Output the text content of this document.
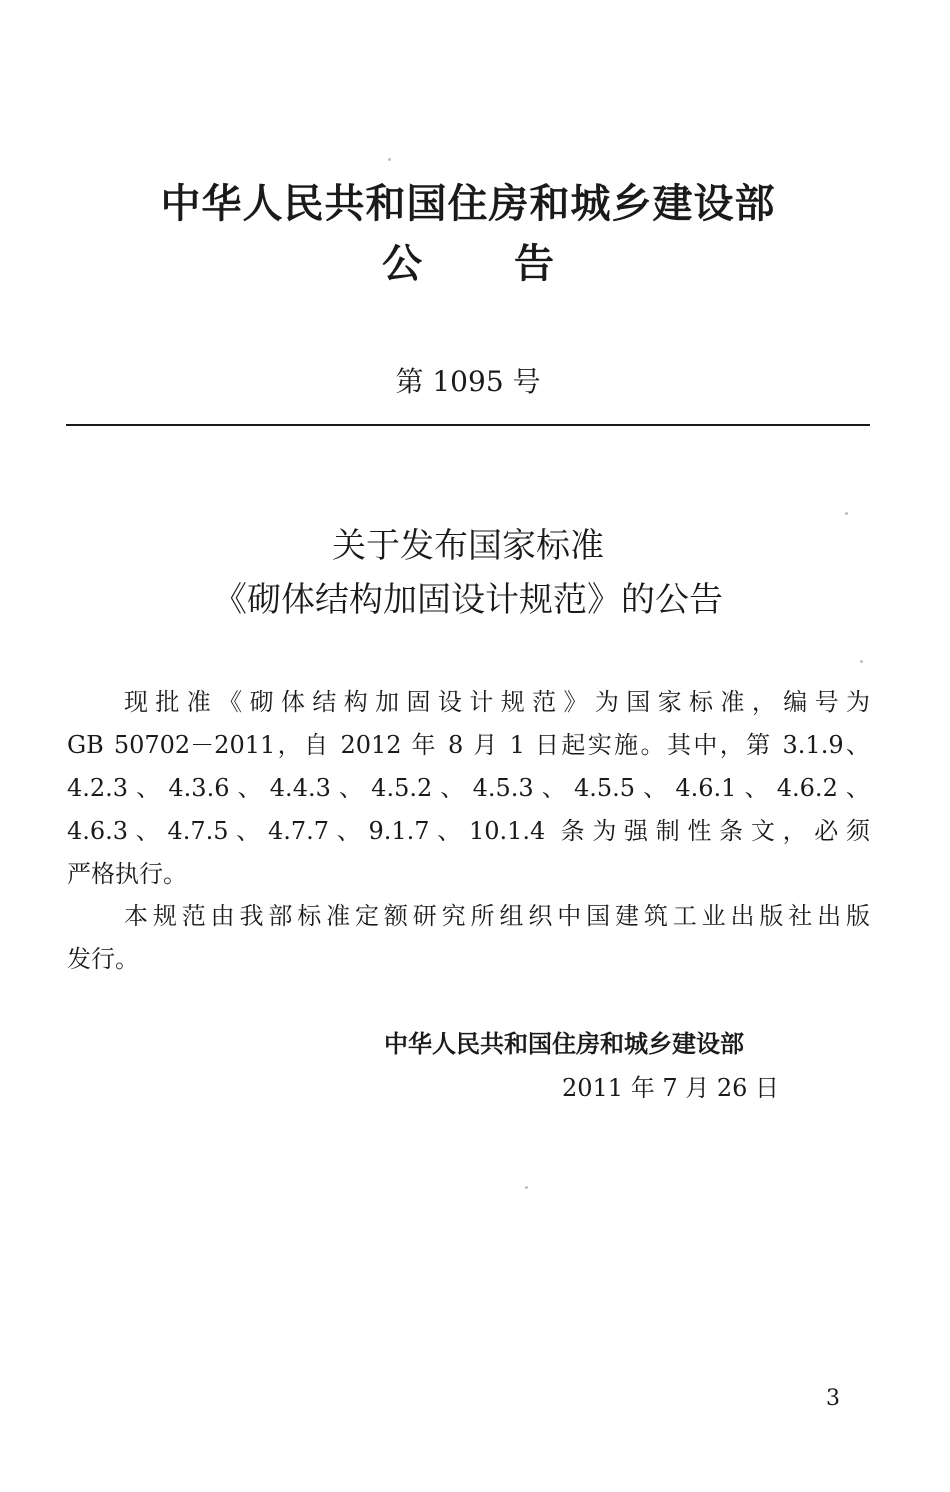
中华人民共和国住房和城乡建设部
公 告
第 1095 号
关于发布国家标准
《砌体结构加固设计规范》的公告
现批准《砌体结构加固设计规范》为国家标准，编号为
GB 50702－2011，自 2012 年 8 月 1 日起实施。其中，第 3.1.9、
4.2.3、4.3.6、4.4.3、4.5.2、4.5.3、4.5.5、4.6.1、4.6.2、
4.6.3、4.7.5、4.7.7、9.1.7、10.1.4 条为强制性条文，必须
严格执行。
本规范由我部标准定额研究所组织中国建筑工业出版社出版
发行。
中华人民共和国住房和城乡建设部
2011 年 7 月 26 日
3
